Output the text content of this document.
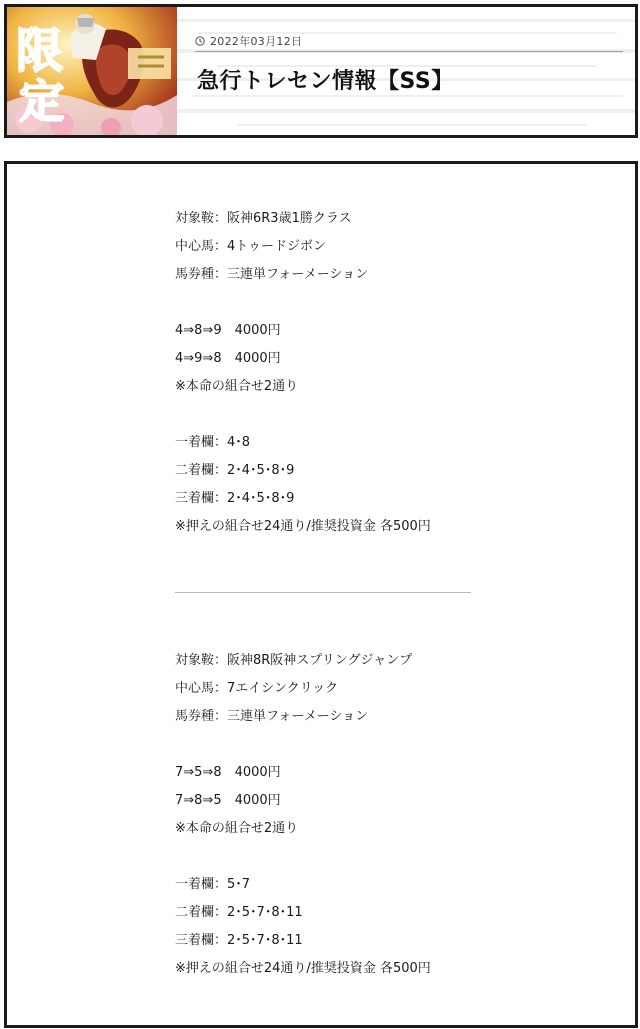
限
定
2022年03月12日
急行トレセン情報【SS】
対象鞍：阪神6R3歳1勝クラス
中心馬：4トゥードジボン
馬券種：三連単フォーメーション
4⇒8⇒9　4000円
4⇒9⇒8　4000円
※本命の組合せ2通り
一着欄：4･8
二着欄：2･4･5･8･9
三着欄：2･4･5･8･9
※押えの組合せ24通り/推奨投資金 各500円
対象鞍：阪神8R阪神スプリングジャンプ
中心馬：7エイシンクリック
馬券種：三連単フォーメーション
7⇒5⇒8　4000円
7⇒8⇒5　4000円
※本命の組合せ2通り
一着欄：5･7
二着欄：2･5･7･8･11
三着欄：2･5･7･8･11
※押えの組合せ24通り/推奨投資金 各500円
